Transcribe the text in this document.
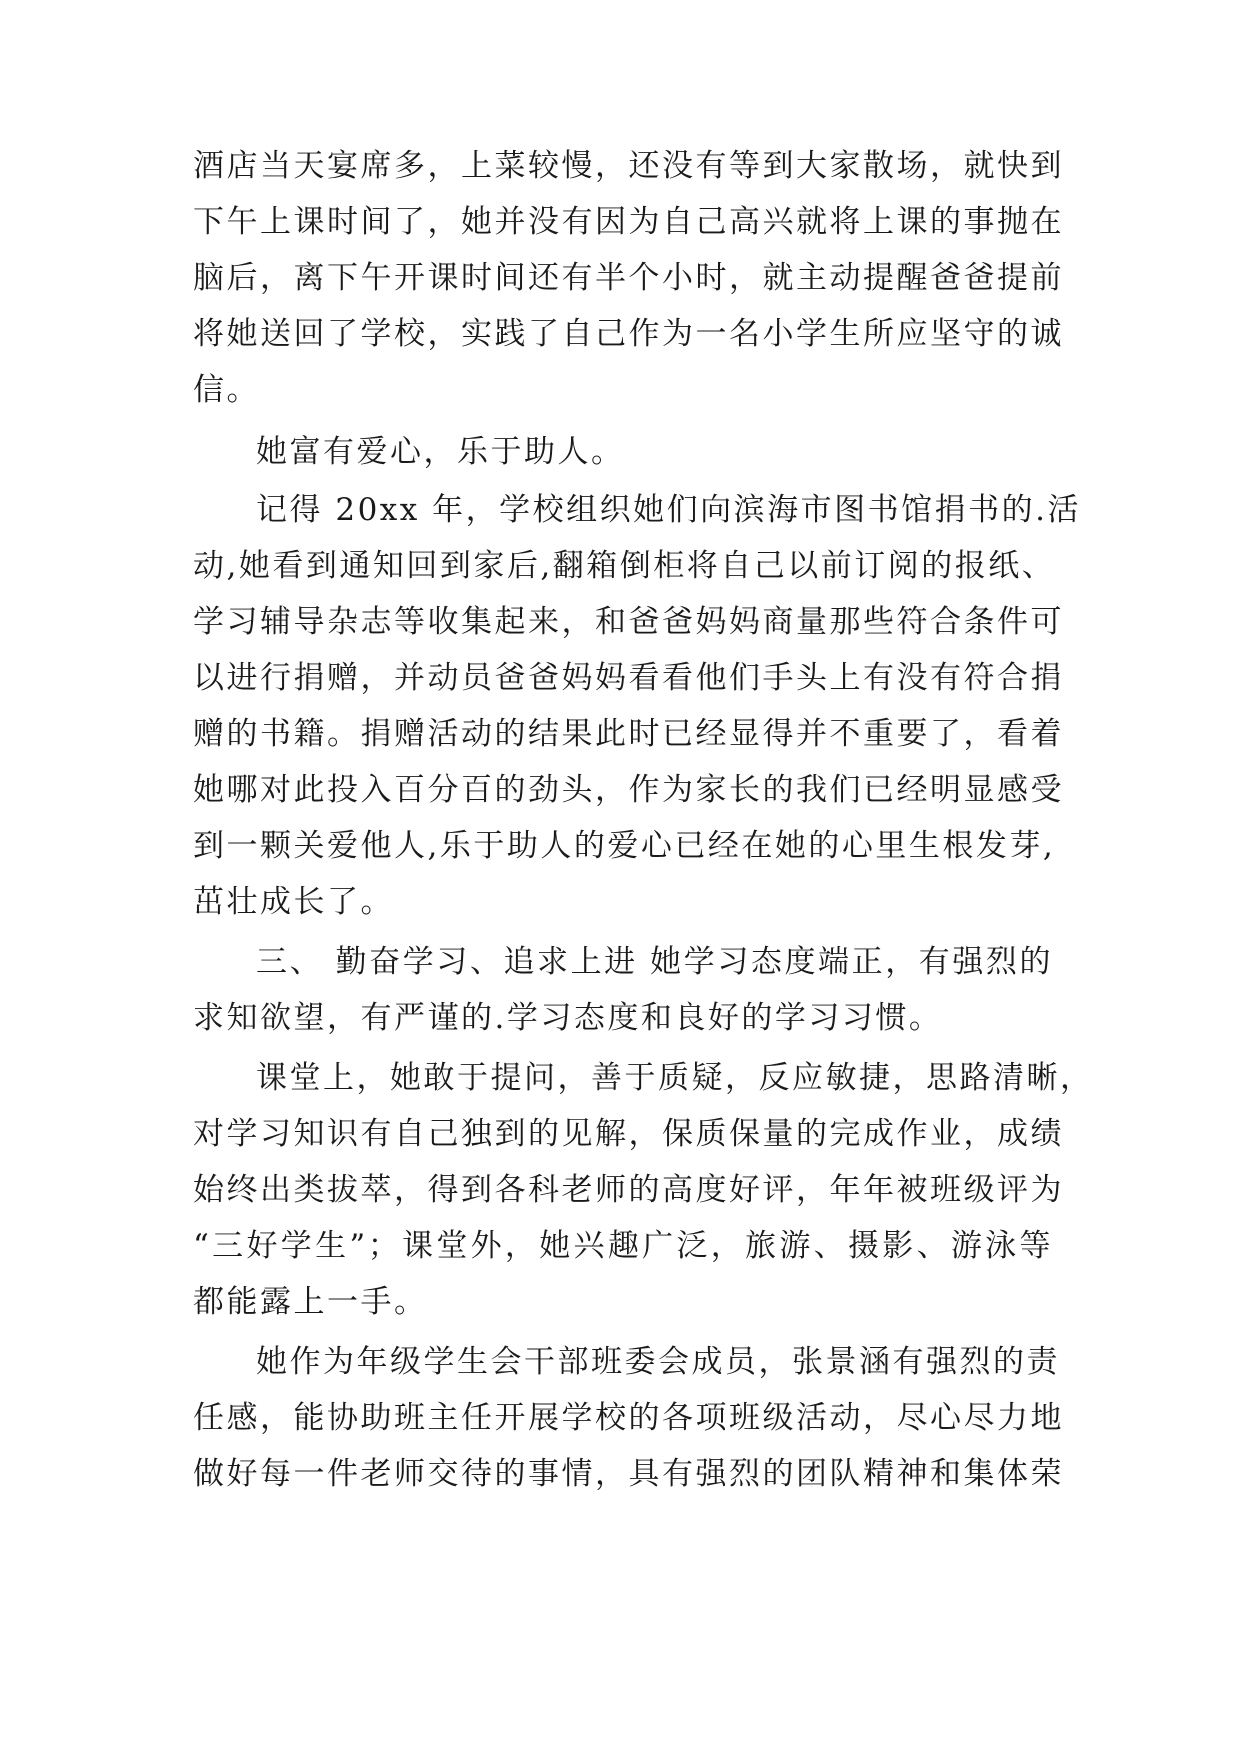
酒店当天宴席多，上菜较慢，还没有等到大家散场，就快到
下午上课时间了，她并没有因为自己高兴就将上课的事抛在
脑后，离下午开课时间还有半个小时，就主动提醒爸爸提前
将她送回了学校，实践了自己作为一名小学生所应坚守的诚
信。
她富有爱心，乐于助人。
记得 20xx 年，学校组织她们向滨海市图书馆捐书的.活
动,她看到通知回到家后,翻箱倒柜将自己以前订阅的报纸、
学习辅导杂志等收集起来，和爸爸妈妈商量那些符合条件可
以进行捐赠，并动员爸爸妈妈看看他们手头上有没有符合捐
赠的书籍。捐赠活动的结果此时已经显得并不重要了，看着
她哪对此投入百分百的劲头，作为家长的我们已经明显感受
到一颗关爱他人,乐于助人的爱心已经在她的心里生根发芽,
茁壮成长了。
三、 勤奋学习、追求上进 她学习态度端正，有强烈的
求知欲望，有严谨的.学习态度和良好的学习习惯。
课堂上，她敢于提问，善于质疑，反应敏捷，思路清晰，
对学习知识有自己独到的见解，保质保量的完成作业，成绩
始终出类拔萃，得到各科老师的高度好评，年年被班级评为
“三好学生”；课堂外，她兴趣广泛，旅游、摄影、游泳等
都能露上一手。
她作为年级学生会干部班委会成员，张景涵有强烈的责
任感，能协助班主任开展学校的各项班级活动，尽心尽力地
做好每一件老师交待的事情，具有强烈的团队精神和集体荣
